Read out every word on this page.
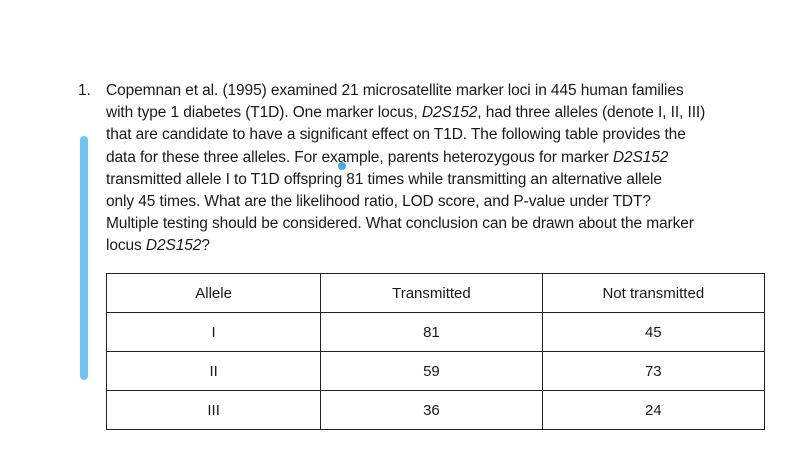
1. Copemnan et al. (1995) examined 21 microsatellite marker loci in 445 human families

with type 1 diabetes (T1D). One marker locus, D2S152, had three alleles (denote I, II, III)

that are candidate to have a significant effect on T1D. The following table provides the

data for these three alleles. For example, parents heterozygous for marker D2S152

transmitted allele I to T1D offspring 81 times while transmitting an alternative allele

only 45 times. What are the likelihood ratio, LOD score, and P-value under TDT?

Multiple testing should be considered. What conclusion can be drawn about the marker

locus D2S152?

Allele	Transmitted	Not transmitted
I	81	45
II	59	73
III	36	24
